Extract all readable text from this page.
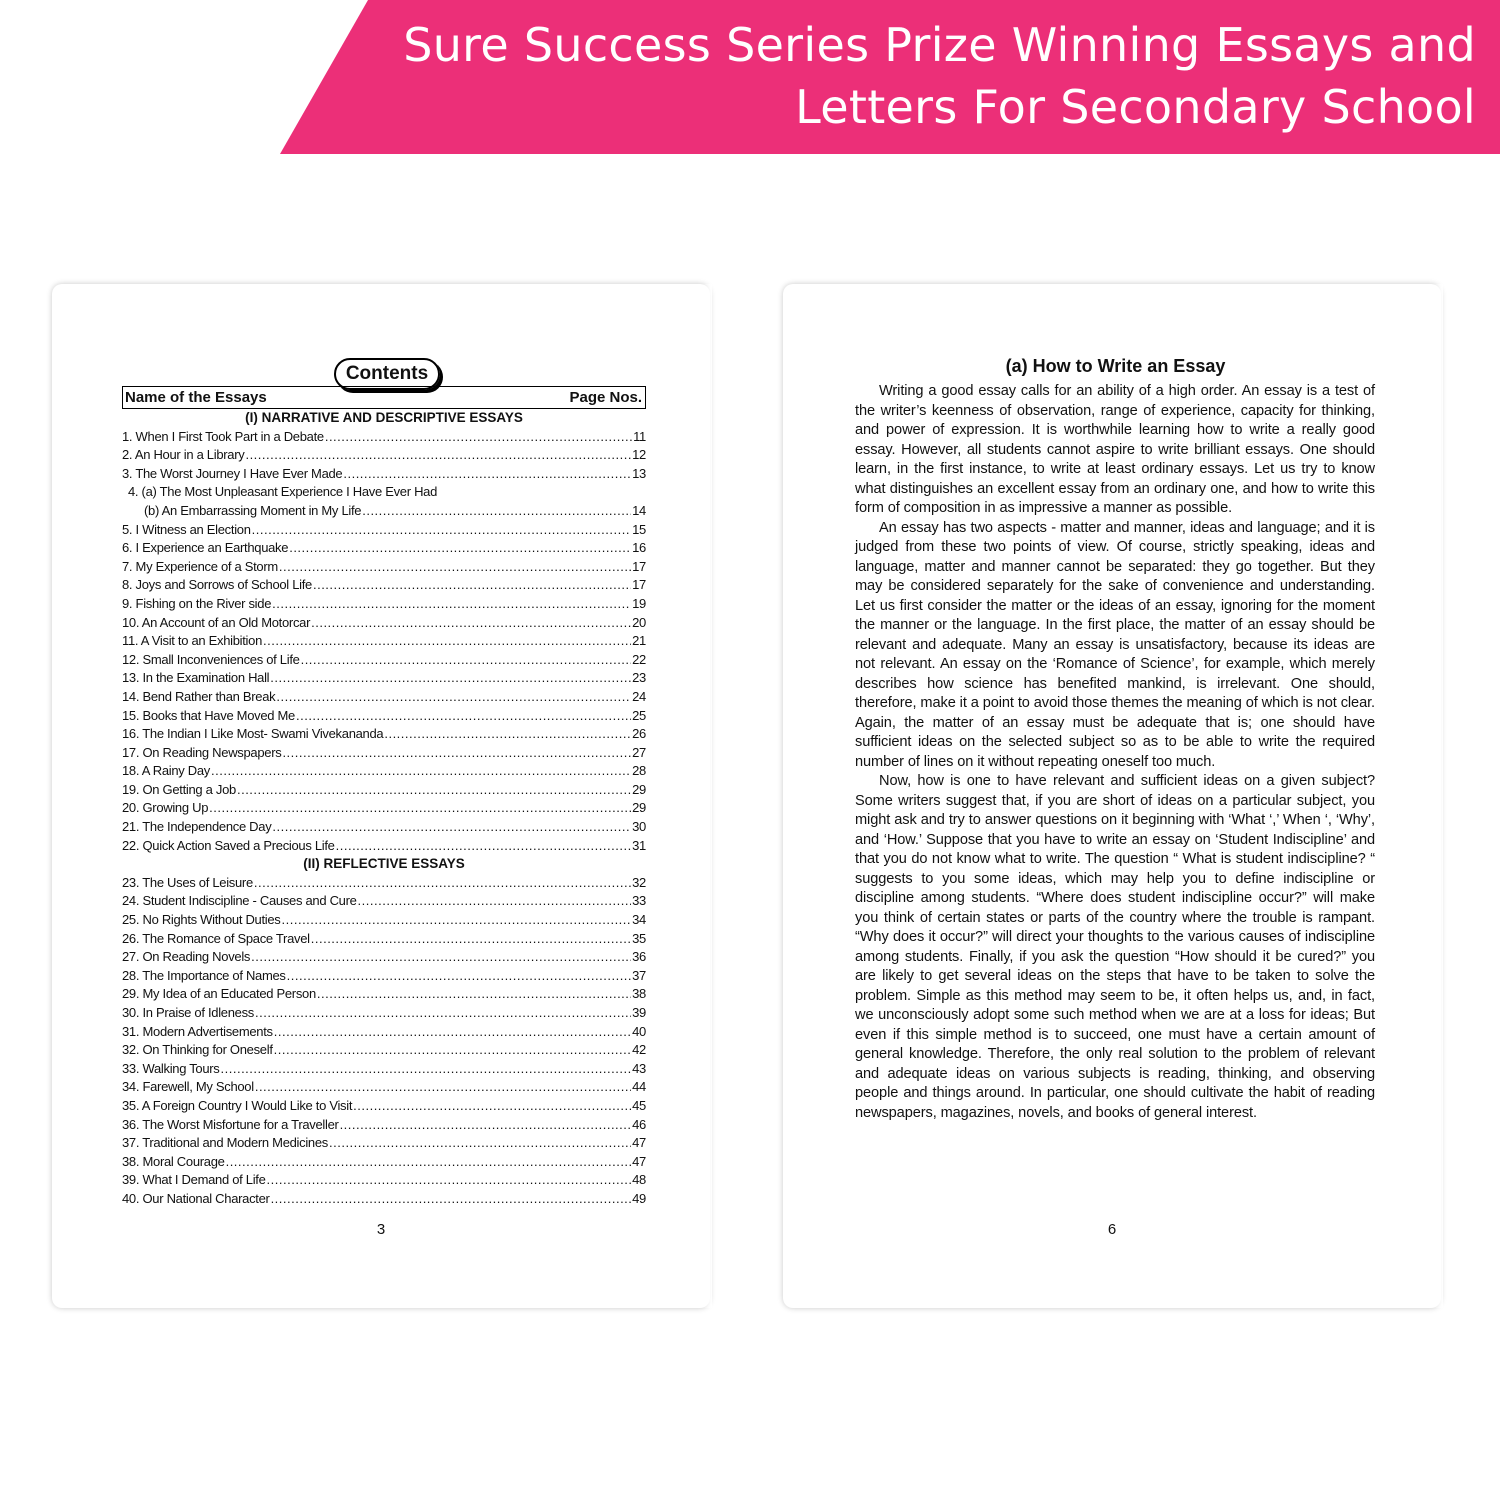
Sure Success Series Prize Winning Essays and
Letters For Secondary School
Contents
Name of the Essays	Page Nos.
(I) NARRATIVE AND DESCRIPTIVE ESSAYS
1. When I First Took Part in a Debate .....	11
2. An Hour in a Library .....	12
3. The Worst Journey I Have Ever Made .....	13
4. (a) The Most Unpleasant Experience I Have Ever Had
(b) An Embarrassing Moment in My Life .....	14
5. I Witness an Election .....	15
6. I Experience an Earthquake .....	16
7. My Experience of a Storm .....	17
8. Joys and Sorrows of School Life .....	17
9. Fishing on the River side .....	19
10. An Account of an Old Motorcar .....	20
11. A Visit to an Exhibition .....	21
12. Small Inconveniences of Life .....	22
13. In the Examination Hall .....	23
14. Bend Rather than Break .....	24
15. Books that Have Moved Me .....	25
16. The Indian I Like Most- Swami Vivekananda .....	26
17. On Reading Newspapers .....	27
18. A Rainy Day .....	28
19. On Getting a Job .....	29
20. Growing Up .....	29
21. The Independence Day .....	30
22. Quick Action Saved a Precious Life .....	31
(II) REFLECTIVE ESSAYS
23. The Uses of Leisure .....	32
24. Student Indiscipline - Causes and Cure .....	33
25. No Rights Without Duties .....	34
26. The Romance of Space Travel .....	35
27. On Reading Novels .....	36
28. The Importance of Names .....	37
29. My Idea of an Educated Person .....	38
30. In Praise of Idleness .....	39
31. Modern Advertisements .....	40
32. On Thinking for Oneself .....	42
33. Walking Tours .....	43
34. Farewell, My School .....	44
35. A Foreign Country I Would Like to Visit .....	45
36. The Worst Misfortune for a Traveller .....	46
37. Traditional and Modern Medicines .....	47
38. Moral Courage .....	47
39. What I Demand of Life .....	48
40. Our National Character .....	49
3
(a) How to Write an Essay

Writing a good essay calls for an ability of a high order. An essay is a test of the writer’s keenness of observation, range of experience, capacity for thinking, and power of expression. It is worthwhile learning how to write a really good essay. However, all students cannot aspire to write brilliant essays. One should learn, in the first instance, to write at least ordinary essays. Let us try to know what distinguishes an excellent essay from an ordinary one, and how to write this form of composition in as impressive a manner as possible.

An essay has two aspects - matter and manner, ideas and language; and it is judged from these two points of view. Of course, strictly speaking, ideas and language, matter and manner cannot be separated: they go together. But they may be considered separately for the sake of convenience and understanding. Let us first consider the matter or the ideas of an essay, ignoring for the moment the manner or the language. In the first place, the matter of an essay should be relevant and adequate. Many an essay is unsatisfactory, because its ideas are not relevant. An essay on the ‘Romance of Science’, for example, which merely describes how science has benefited mankind, is irrelevant. One should, therefore, make it a point to avoid those themes the meaning of which is not clear. Again, the matter of an essay must be adequate that is; one should have sufficient ideas on the selected subject so as to be able to write the required number of lines on it without repeating oneself too much.

Now, how is one to have relevant and sufficient ideas on a given subject? Some writers suggest that, if you are short of ideas on a particular subject, you might ask and try to answer questions on it beginning with ‘What ‘,’ When ‘, ‘Why’, and ‘How.’ Suppose that you have to write an essay on ‘Student Indiscipline’ and that you do not know what to write. The question “ What is student indiscipline? “ suggests to you some ideas, which may help you to define indiscipline or discipline among students. “Where does student indiscipline occur?” will make you think of certain states or parts of the country where the trouble is rampant. “Why does it occur?” will direct your thoughts to the various causes of indiscipline among students. Finally, if you ask the question “How should it be cured?” you are likely to get several ideas on the steps that have to be taken to solve the problem. Simple as this method may seem to be, it often helps us, and, in fact, we unconsciously adopt some such method when we are at a loss for ideas; But even if this simple method is to succeed, one must have a certain amount of general knowledge. Therefore, the only real solution to the problem of relevant and adequate ideas on various subjects is reading, thinking, and observing people and things around. In particular, one should cultivate the habit of reading newspapers, magazines, novels, and books of general interest.

6
